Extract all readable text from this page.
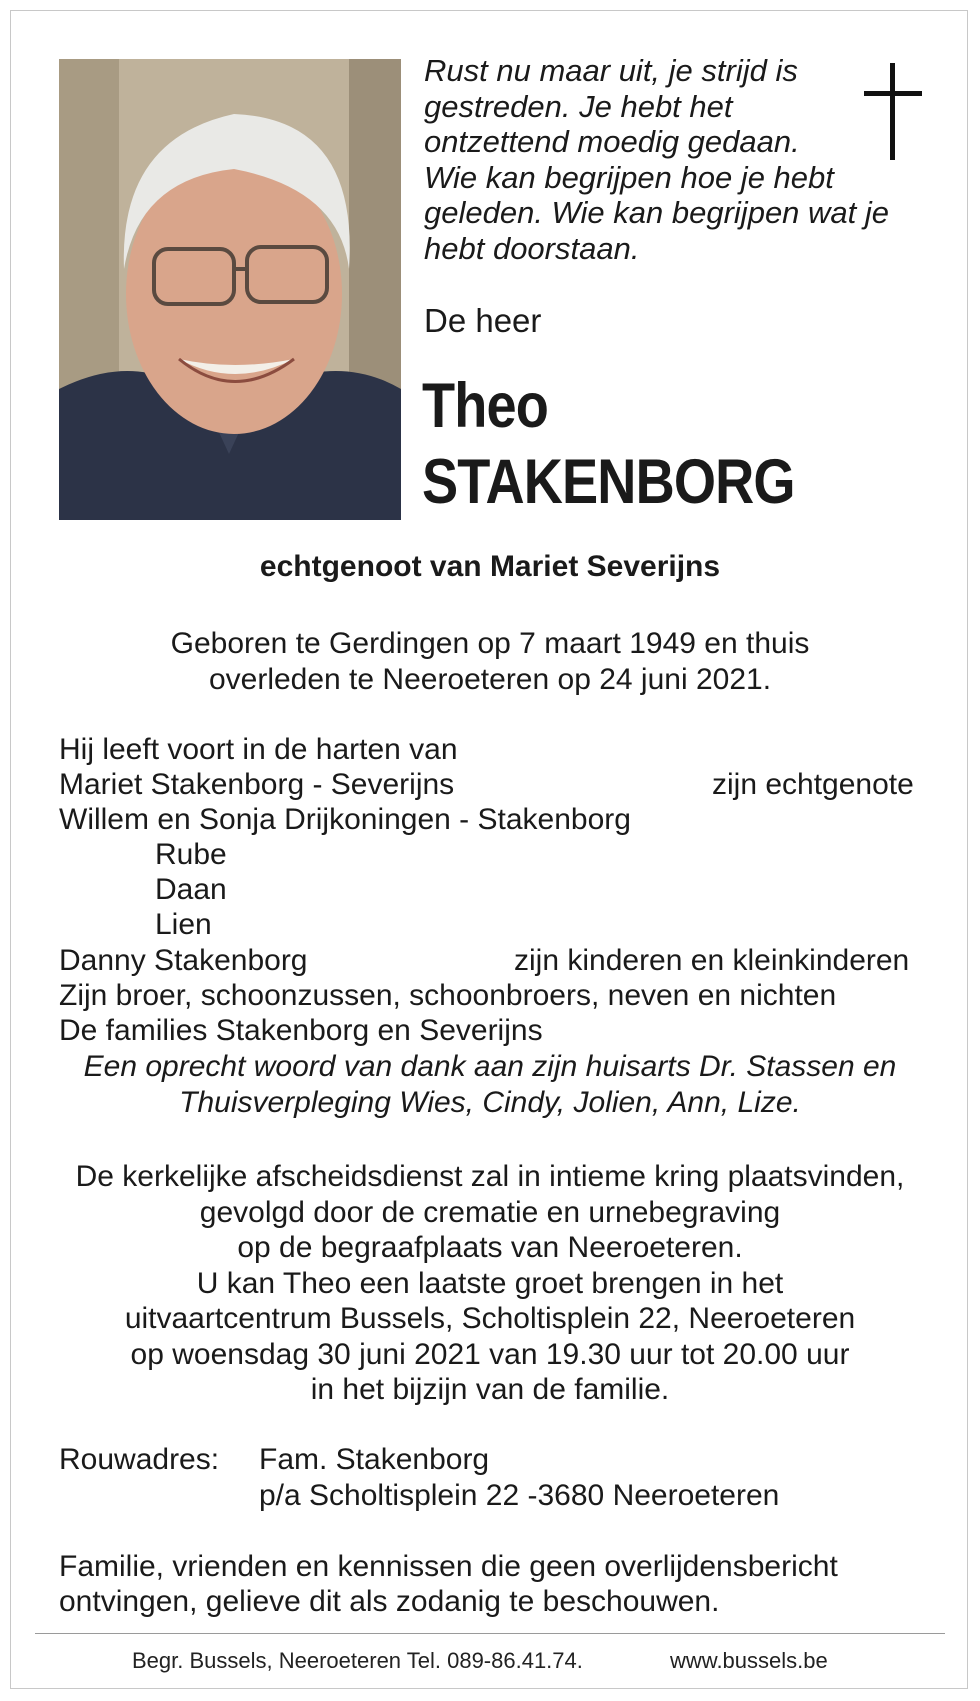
Rust nu maar uit, je strijd is
gestreden. Je hebt het
ontzettend moedig gedaan.
Wie kan begrijpen hoe je hebt
geleden. Wie kan begrijpen wat je
hebt doorstaan.
De heer
Theo
STAKENBORG
echtgenoot van Mariet Severijns
Geboren te Gerdingen op 7 maart 1949 en thuis
overleden te Neeroeteren op 24 juni 2021.
Hij leeft voort in de harten van
Mariet Stakenborg - Severijns	zijn echtgenote
Willem en Sonja Drijkoningen - Stakenborg
Rube
Daan
Lien
Danny Stakenborg	zijn kinderen en kleinkinderen
Zijn broer, schoonzussen, schoonbroers, neven en nichten
De families Stakenborg en Severijns
Een oprecht woord van dank aan zijn huisarts Dr. Stassen en
Thuisverpleging Wies, Cindy, Jolien, Ann, Lize.
De kerkelijke afscheidsdienst zal in intieme kring plaatsvinden,
gevolgd door de crematie en urnebegraving
op de begraafplaats van Neeroeteren.
U kan Theo een laatste groet brengen in het
uitvaartcentrum Bussels, Scholtisplein 22, Neeroeteren
op woensdag 30 juni 2021 van 19.30 uur tot 20.00 uur
in het bijzijn van de familie.
Rouwadres: Fam. Stakenborg
p/a Scholtisplein 22 -3680 Neeroeteren
Familie, vrienden en kennissen die geen overlijdensbericht
ontvingen, gelieve dit als zodanig te beschouwen.
Begr. Bussels, Neeroeteren Tel. 089-86.41.74.	www.bussels.be
